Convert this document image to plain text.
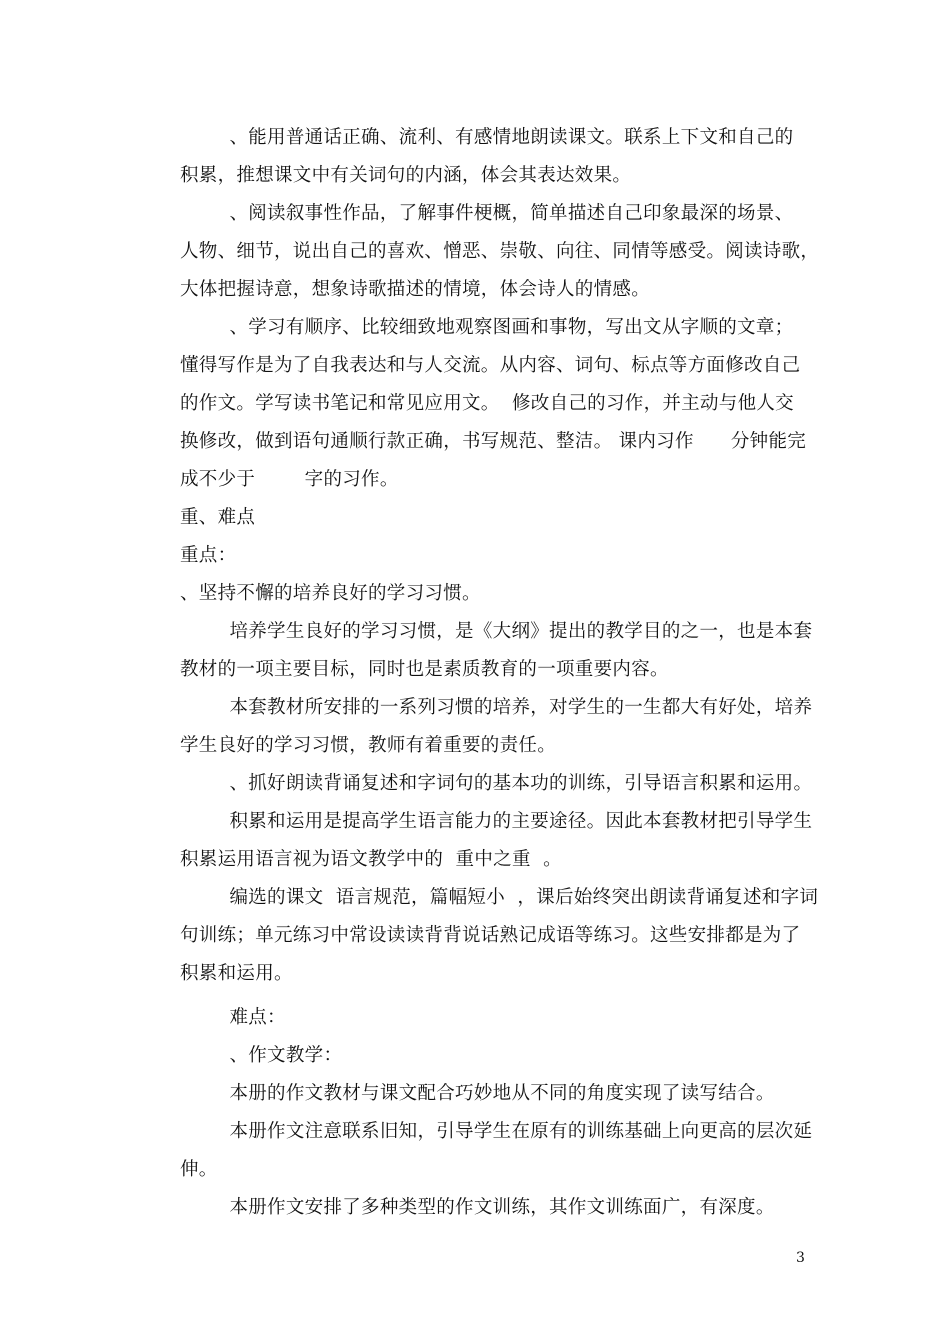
、能用普通话正确、流利、有感情地朗读课文。联系上下文和自己的
积累，推想课文中有关词句的内涵，体会其表达效果。
、阅读叙事性作品，了解事件梗概，简单描述自己印象最深的场景、
人物、细节，说出自己的喜欢、憎恶、崇敬、向往、同情等感受。阅读诗歌，
大体把握诗意，想象诗歌描述的情境，体会诗人的情感。
、学习有顺序、比较细致地观察图画和事物，写出文从字顺的文章；
懂得写作是为了自我表达和与人交流。从内容、词句、标点等方面修改自己
的作文。学写读书笔记和常见应用文。  修改自己的习作，并主动与他人交
换修改，做到语句通顺行款正确，书写规范、整洁。 课内习作      分钟能完
成不少于        字的习作。
重、难点
重点：
、坚持不懈的培养良好的学习习惯。
培养学生良好的学习习惯，是《大纲》提出的教学目的之一，也是本套
教材的一项主要目标，同时也是素质教育的一项重要内容。
本套教材所安排的一系列习惯的培养，对学生的一生都大有好处，培养
学生良好的学习习惯，教师有着重要的责任。
、抓好朗读背诵复述和字词句的基本功的训练，引导语言积累和运用。
积累和运用是提高学生语言能力的主要途径。因此本套教材把引导学生
积累运用语言视为语文教学中的  重中之重  。
编选的课文  语言规范，篇幅短小  ，课后始终突出朗读背诵复述和字词
句训练；单元练习中常设读读背背说话熟记成语等练习。这些安排都是为了
积累和运用。
难点：
、作文教学：
本册的作文教材与课文配合巧妙地从不同的角度实现了读写结合。
本册作文注意联系旧知，引导学生在原有的训练基础上向更高的层次延
伸。
本册作文安排了多种类型的作文训练，其作文训练面广，有深度。
3
